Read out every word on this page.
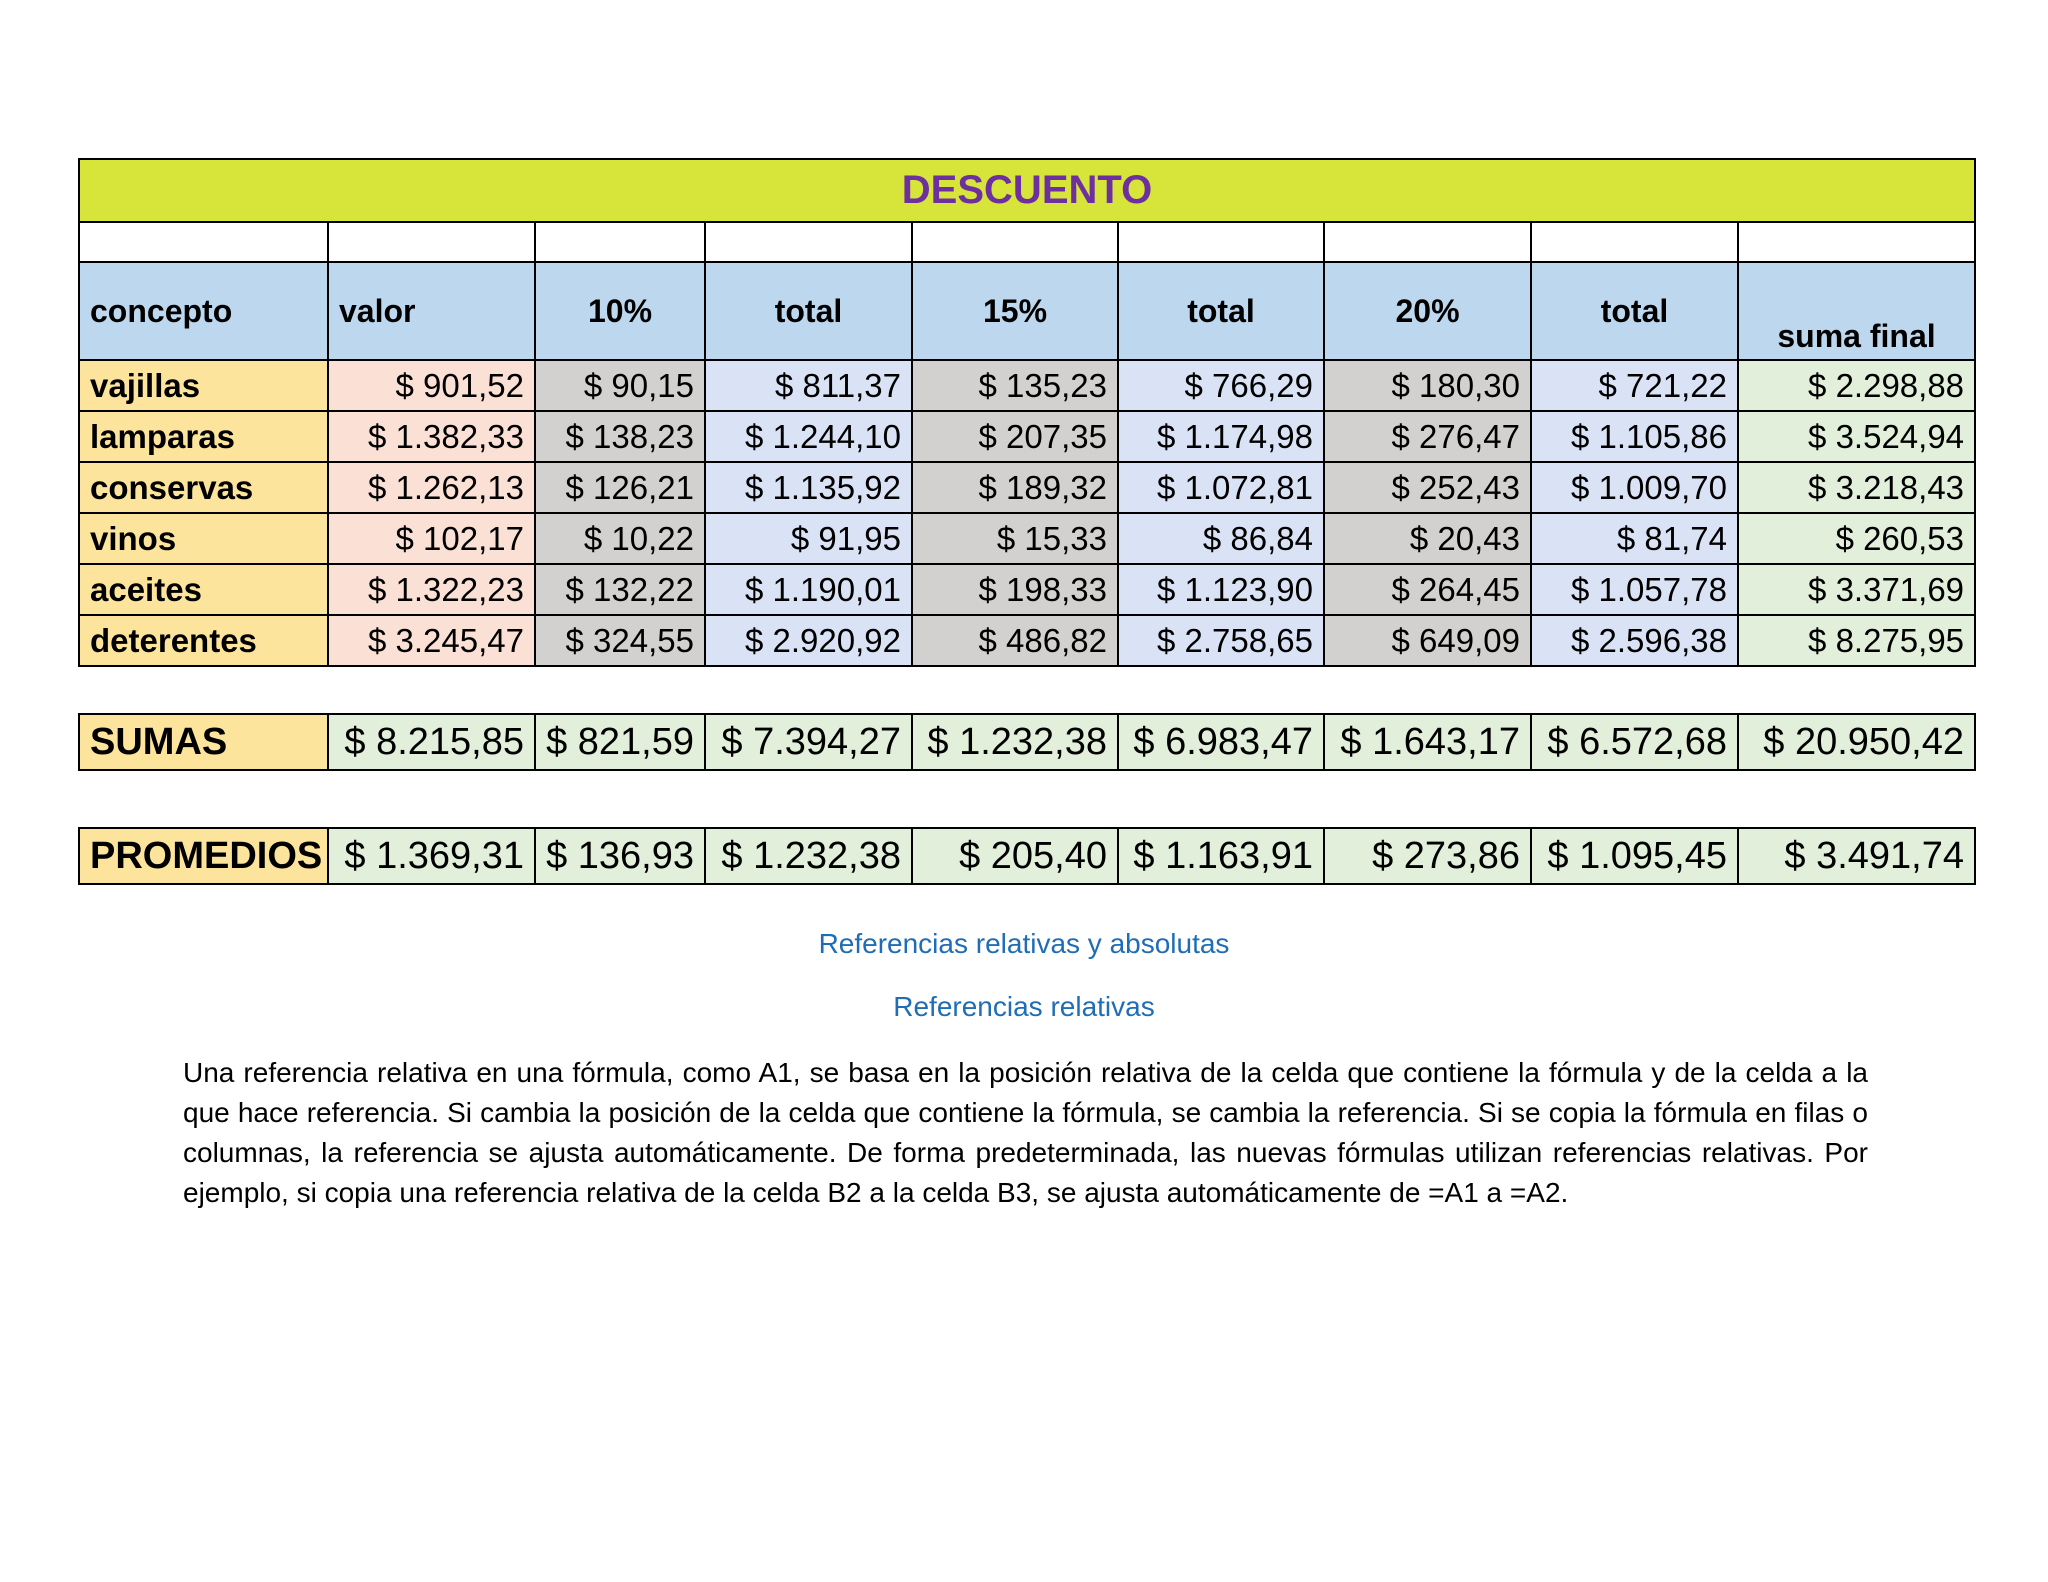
DESCUENTO								

concepto	valor	10%	total	15%	total	20%	total	suma final
vajillas	$ 901,52	$ 90,15	$ 811,37	$ 135,23	$ 766,29	$ 180,30	$ 721,22	$ 2.298,88
lamparas	$ 1.382,33	$ 138,23	$ 1.244,10	$ 207,35	$ 1.174,98	$ 276,47	$ 1.105,86	$ 3.524,94
conservas	$ 1.262,13	$ 126,21	$ 1.135,92	$ 189,32	$ 1.072,81	$ 252,43	$ 1.009,70	$ 3.218,43
vinos	$ 102,17	$ 10,22	$ 91,95	$ 15,33	$ 86,84	$ 20,43	$ 81,74	$ 260,53
aceites	$ 1.322,23	$ 132,22	$ 1.190,01	$ 198,33	$ 1.123,90	$ 264,45	$ 1.057,78	$ 3.371,69
deterentes	$ 3.245,47	$ 324,55	$ 2.920,92	$ 486,82	$ 2.758,65	$ 649,09	$ 2.596,38	$ 8.275,95
SUMAS	$ 8.215,85	$ 821,59	$ 7.394,27	$ 1.232,38	$ 6.983,47	$ 1.643,17	$ 6.572,68	$ 20.950,42
PROMEDIOS	$ 1.369,31	$ 136,93	$ 1.232,38	$ 205,40	$ 1.163,91	$ 273,86	$ 1.095,45	$ 3.491,74
Referencias relativas y absolutas
Referencias relativas
Una referencia relativa en una fórmula, como A1, se basa en la posición relativa de la celda que contiene la fórmula y de la celda a la que hace referencia. Si cambia la posición de la celda que contiene la fórmula, se cambia la referencia. Si se copia la fórmula en filas o columnas, la referencia se ajusta automáticamente. De forma predeterminada, las nuevas fórmulas utilizan referencias relativas. Por ejemplo, si copia una referencia relativa de la celda B2 a la celda B3, se ajusta automáticamente de =A1 a =A2.
